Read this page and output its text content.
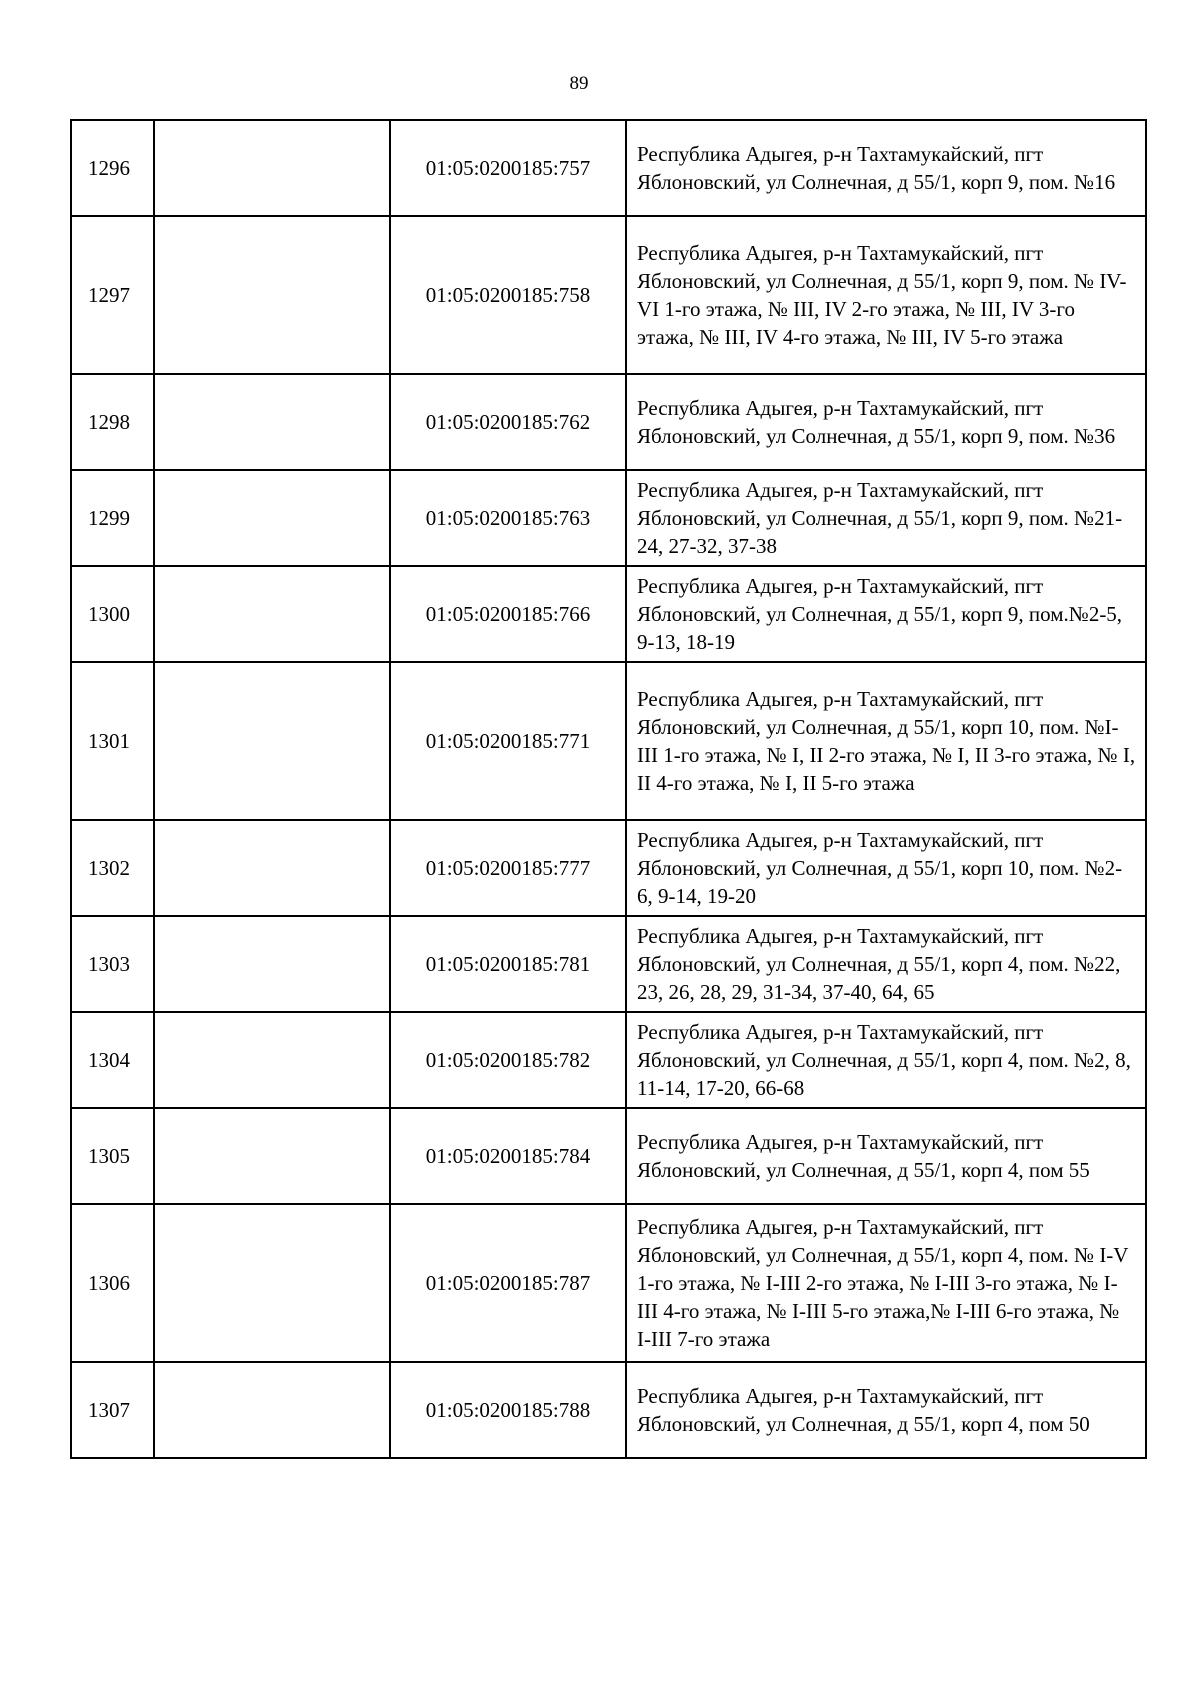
89
1296		01:05:0200185:757	Республика Адыгея, р-н Тахтамукайский, пгт Яблоновский, ул Солнечная, д 55/1, корп 9, пом. №16
1297		01:05:0200185:758	Республика Адыгея, р-н Тахтамукайский, пгт Яблоновский, ул Солнечная, д 55/1, корп 9, пом. № IV-VI 1-го этажа, № III, IV 2-го этажа, № III, IV 3-го этажа, № III, IV 4-го этажа, № III, IV 5-го этажа
1298		01:05:0200185:762	Республика Адыгея, р-н Тахтамукайский, пгт Яблоновский, ул Солнечная, д 55/1, корп 9, пом. №36
1299		01:05:0200185:763	Республика Адыгея, р-н Тахтамукайский, пгт Яблоновский, ул Солнечная, д 55/1, корп 9, пом. №21-24, 27-32, 37-38
1300		01:05:0200185:766	Республика Адыгея, р-н Тахтамукайский, пгт Яблоновский, ул Солнечная, д 55/1, корп 9, пом.№2-5, 9-13, 18-19
1301		01:05:0200185:771	Республика Адыгея, р-н Тахтамукайский, пгт Яблоновский, ул Солнечная, д 55/1, корп 10, пом. №I-III 1-го этажа, № I, II 2-го этажа, № I, II 3-го этажа, № I, II 4-го этажа, № I, II 5-го этажа
1302		01:05:0200185:777	Республика Адыгея, р-н Тахтамукайский, пгт Яблоновский, ул Солнечная, д 55/1, корп 10, пом. №2-6, 9-14, 19-20
1303		01:05:0200185:781	Республика Адыгея, р-н Тахтамукайский, пгт Яблоновский, ул Солнечная, д 55/1, корп 4, пом. №22, 23, 26, 28, 29, 31-34, 37-40, 64, 65
1304		01:05:0200185:782	Республика Адыгея, р-н Тахтамукайский, пгт Яблоновский, ул Солнечная, д 55/1, корп 4, пом. №2, 8, 11-14, 17-20, 66-68
1305		01:05:0200185:784	Республика Адыгея, р-н Тахтамукайский, пгт Яблоновский, ул Солнечная, д 55/1, корп 4, пом 55
1306		01:05:0200185:787	Республика Адыгея, р-н Тахтамукайский, пгт Яблоновский, ул Солнечная, д 55/1, корп 4, пом. № I-V 1-го этажа, № I-III 2-го этажа, № I-III 3-го этажа, № I-III 4-го этажа, № I-III 5-го этажа,№ I-III 6-го этажа, № I-III 7-го этажа
1307		01:05:0200185:788	Республика Адыгея, р-н Тахтамукайский, пгт Яблоновский, ул Солнечная, д 55/1, корп 4, пом 50
